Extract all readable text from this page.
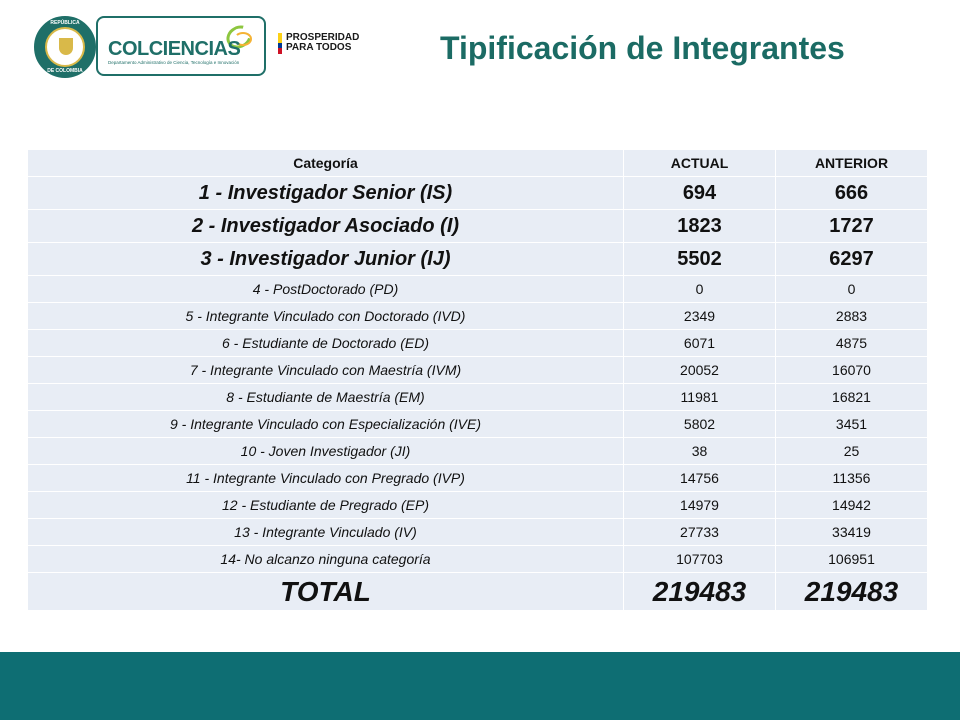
REPÚBLICA
DE COLOMBIA
COLCIENCIAS
Departamento Administrativo de Ciencia, Tecnología e Innovación
PROSPERIDAD
PARA TODOS	Tipificación de Integrantes
Categoría	ACTUAL	ANTERIOR
1 - Investigador Senior (IS)	694	666
2 - Investigador Asociado (I)	1823	1727
3 - Investigador Junior (IJ)	5502	6297
4 - PostDoctorado (PD)	0	0
5 - Integrante Vinculado con Doctorado (IVD)	2349	2883
6 - Estudiante de Doctorado (ED)	6071	4875
7 - Integrante Vinculado con Maestría (IVM)	20052	16070
8 - Estudiante de Maestría (EM)	11981	16821
9 - Integrante Vinculado con Especialización (IVE)	5802	3451
10 - Joven Investigador (JI)	38	25
11 - Integrante Vinculado con Pregrado (IVP)	14756	11356
12 - Estudiante de Pregrado (EP)	14979	14942
13 - Integrante Vinculado (IV)	27733	33419
14- No alcanzo ninguna categoría	107703	106951
TOTAL	219483	219483
